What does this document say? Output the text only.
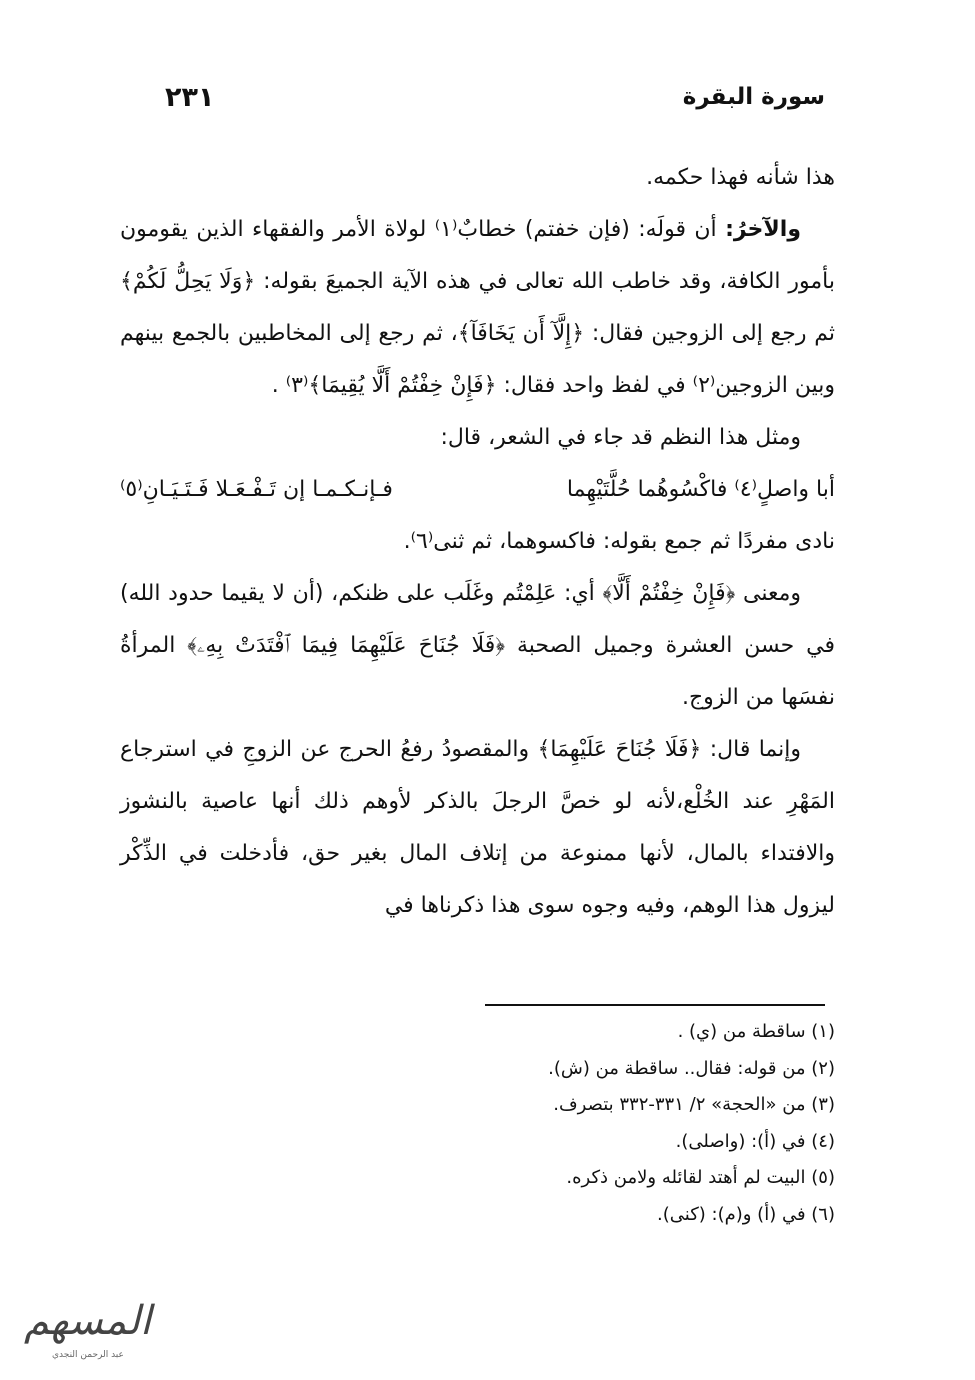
سورة البقرة
٢٣١

هذا شأنه فهذا حكمه.

والآخرُ: أن قولَه: (فإن خفتم) خطابٌ⁽١⁾ لولاة الأمر والفقهاء الذين يقومون بأمور الكافة، وقد خاطب الله تعالى في هذه الآية الجميعَ بقوله: ﴿وَلَا يَحِلُّ لَكُمْ﴾ ثم رجع إلى الزوجين فقال: ﴿إِلَّآ أَن يَخَافَآ﴾، ثم رجع إلى المخاطبين بالجمع بينهم وبين الزوجين⁽٢⁾ في لفظ واحد فقال: ﴿فَإِنْ خِفْتُمْ أَلَّا يُقِيمَا﴾⁽٣⁾ .

ومثل هذا النظم قد جاء في الشعر، قال:

أبا واصلٍ⁽٤⁾ فاكْسُوهُما حُلَّتَيْهِما
فـإنـكـمـا إن تَـفْـعَـلا فَـتَـيَـانِ⁽٥⁾

نادى مفردًا ثم جمع بقوله: فاكسوهما، ثم ثنى⁽٦⁾.

ومعنى ﴿فَإِنْ خِفْتُمْ أَلَّا﴾ أي: عَلِمْتُم وغَلَب على ظنكم، (أن لا يقيما حدود الله) في حسن العشرة وجميل الصحبة ﴿فَلَا جُنَاحَ عَلَيْهِمَا فِيمَا ٱفْتَدَتْ بِهِۦ﴾ المرأةُ نفسَها من الزوج.

وإنما قال: ﴿فَلَا جُنَاحَ عَلَيْهِمَا﴾ والمقصودُ رفعُ الحرج عن الزوجِ في استرجاع المَهْرِ عند الخُلْع،لأنه لو خصَّ الرجلَ بالذكر لأوهم ذلك أنها عاصية بالنشوز والافتداء بالمال، لأنها ممنوعة من إتلاف المال بغير حق، فأدخلت في الذِّكْر ليزول هذا الوهم، وفيه وجوه سوى هذا ذكرناها في

(١) ساقطة من (ي) .
(٢) من قوله: فقال.. ساقطة من (ش).
(٣) من «الحجة» ٢/ ٣٣١-٣٣٢ بتصرف.
(٤) في (أ): (واصلى).
(٥) البيت لم أهتد لقائله ولامن ذكره.
(٦) في (أ) و(م): (كنى).
المسهم
عبد الرحمن النجدي
